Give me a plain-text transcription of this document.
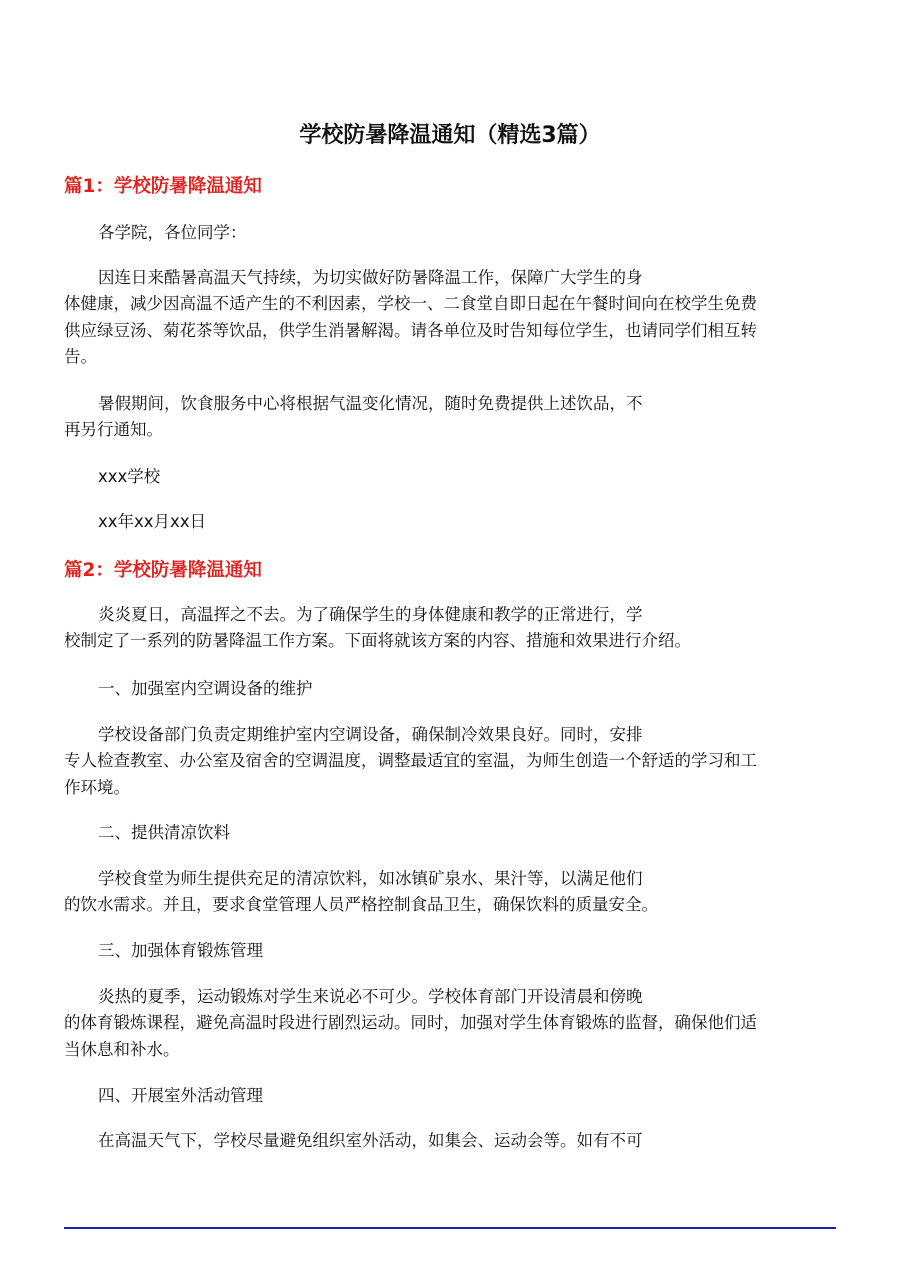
学校防暑降温通知（精选3篇）
篇1：学校防暑降温通知
各学院，各位同学：
因连日来酷暑高温天气持续，为切实做好防暑降温工作，保障广大学生的身
体健康，减少因高温不适产生的不利因素，学校一、二食堂自即日起在午餐时间向在校学生免费
供应绿豆汤、菊花茶等饮品，供学生消暑解渴。请各单位及时告知每位学生，也请同学们相互转
告。
暑假期间，饮食服务中心将根据气温变化情况，随时免费提供上述饮品，不
再另行通知。
xxx学校
xx年xx月xx日
篇2：学校防暑降温通知
炎炎夏日，高温挥之不去。为了确保学生的身体健康和教学的正常进行，学
校制定了一系列的防暑降温工作方案。下面将就该方案的内容、措施和效果进行介绍。
一、加强室内空调设备的维护
学校设备部门负责定期维护室内空调设备，确保制冷效果良好。同时，安排
专人检查教室、办公室及宿舍的空调温度，调整最适宜的室温，为师生创造一个舒适的学习和工
作环境。
二、提供清凉饮料
学校食堂为师生提供充足的清凉饮料，如冰镇矿泉水、果汁等，以满足他们
的饮水需求。并且，要求食堂管理人员严格控制食品卫生，确保饮料的质量安全。
三、加强体育锻炼管理
炎热的夏季，运动锻炼对学生来说必不可少。学校体育部门开设清晨和傍晚
的体育锻炼课程，避免高温时段进行剧烈运动。同时，加强对学生体育锻炼的监督，确保他们适
当休息和补水。
四、开展室外活动管理
在高温天气下，学校尽量避免组织室外活动，如集会、运动会等。如有不可
